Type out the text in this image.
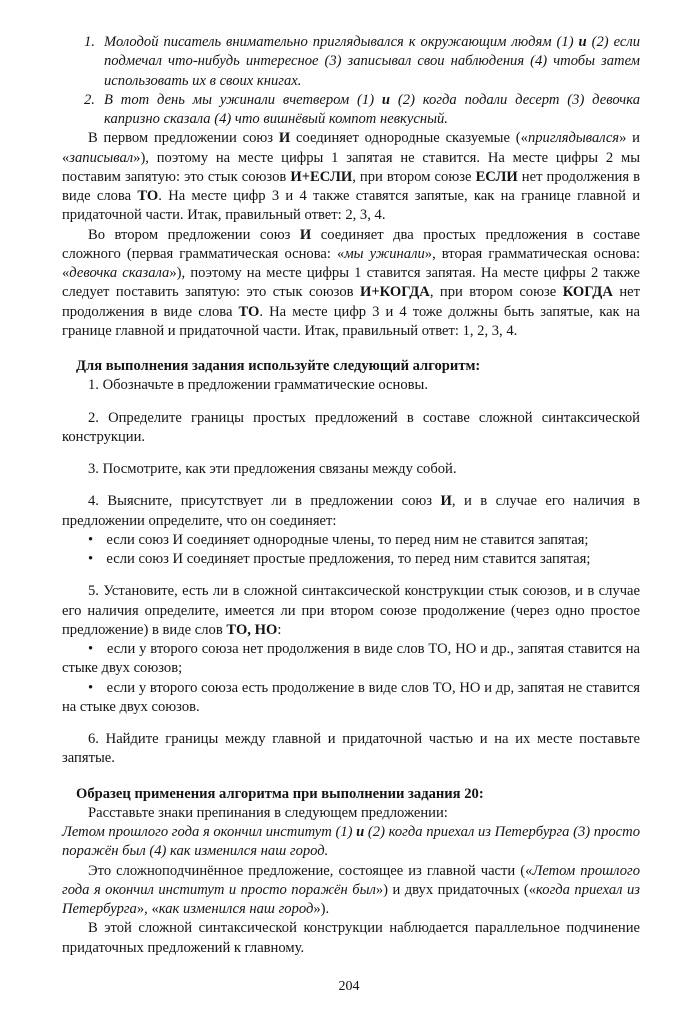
1. Молодой писатель внимательно приглядывался к окружающим людям (1) и (2) если подмечал что-нибудь интересное (3) записывал свои наблюдения (4) чтобы затем использовать их в своих книгах.
2. В тот день мы ужинали вчетвером (1) и (2) когда подали десерт (3) девочка капризно сказала (4) что вишнёвый компот невкусный.
В первом предложении союз И соединяет однородные сказуемые («приглядывался» и «записывал»), поэтому на месте цифры 1 запятая не ставится. На месте цифры 2 мы поставим запятую: это стык союзов И+ЕСЛИ, при втором союзе ЕСЛИ нет продолжения в виде слова ТО. На месте цифр 3 и 4 также ставятся запятые, как на границе главной и придаточной части. Итак, правильный ответ: 2, 3, 4.
Во втором предложении союз И соединяет два простых предложения в составе сложного (первая грамматическая основа: «мы ужинали», вторая грамматическая основа: «девочка сказала»), поэтому на месте цифры 1 ставится запятая. На месте цифры 2 также следует поставить запятую: это стык союзов И+КОГДА, при втором союзе КОГДА нет продолжения в виде слова ТО. На месте цифр 3 и 4 тоже должны быть запятые, как на границе главной и придаточной части. Итак, правильный ответ: 1, 2, 3, 4.
Для выполнения задания используйте следующий алгоритм:
1. Обозначьте в предложении грамматические основы.
2. Определите границы простых предложений в составе сложной синтаксической конструкции.
3. Посмотрите, как эти предложения связаны между собой.
4. Выясните, присутствует ли в предложении союз И, и в случае его наличия в предложении определите, что он соединяет:
•  если союз И соединяет однородные члены, то перед ним не ставится запятая;
•  если союз И соединяет простые предложения, то перед ним ставится запятая;
5. Установите, есть ли в сложной синтаксической конструкции стык союзов, и в случае его наличия определите, имеется ли при втором союзе продолжение (через одно простое предложение) в виде слов ТО, НО:
•  если у второго союза нет продолжения в виде слов ТО, НО и др., запятая ставится на стыке двух союзов;
•  если у второго союза есть продолжение в виде слов ТО, НО и др, запятая не ставится на стыке двух союзов.
6. Найдите границы между главной и придаточной частью и на их месте поставьте запятые.
Образец применения алгоритма при выполнении задания 20:
Расставьте знаки препинания в следующем предложении:
Летом прошлого года я окончил институт (1) и (2) когда приехал из Петербурга (3) просто поражён был (4) как изменился наш город.
Это сложноподчинённое предложение, состоящее из главной части («Летом прошлого года я окончил институт и просто поражён был») и двух придаточных («когда приехал из Петербурга», «как изменился наш город»).
В этой сложной синтаксической конструкции наблюдается параллельное подчинение придаточных предложений к главному.
204
